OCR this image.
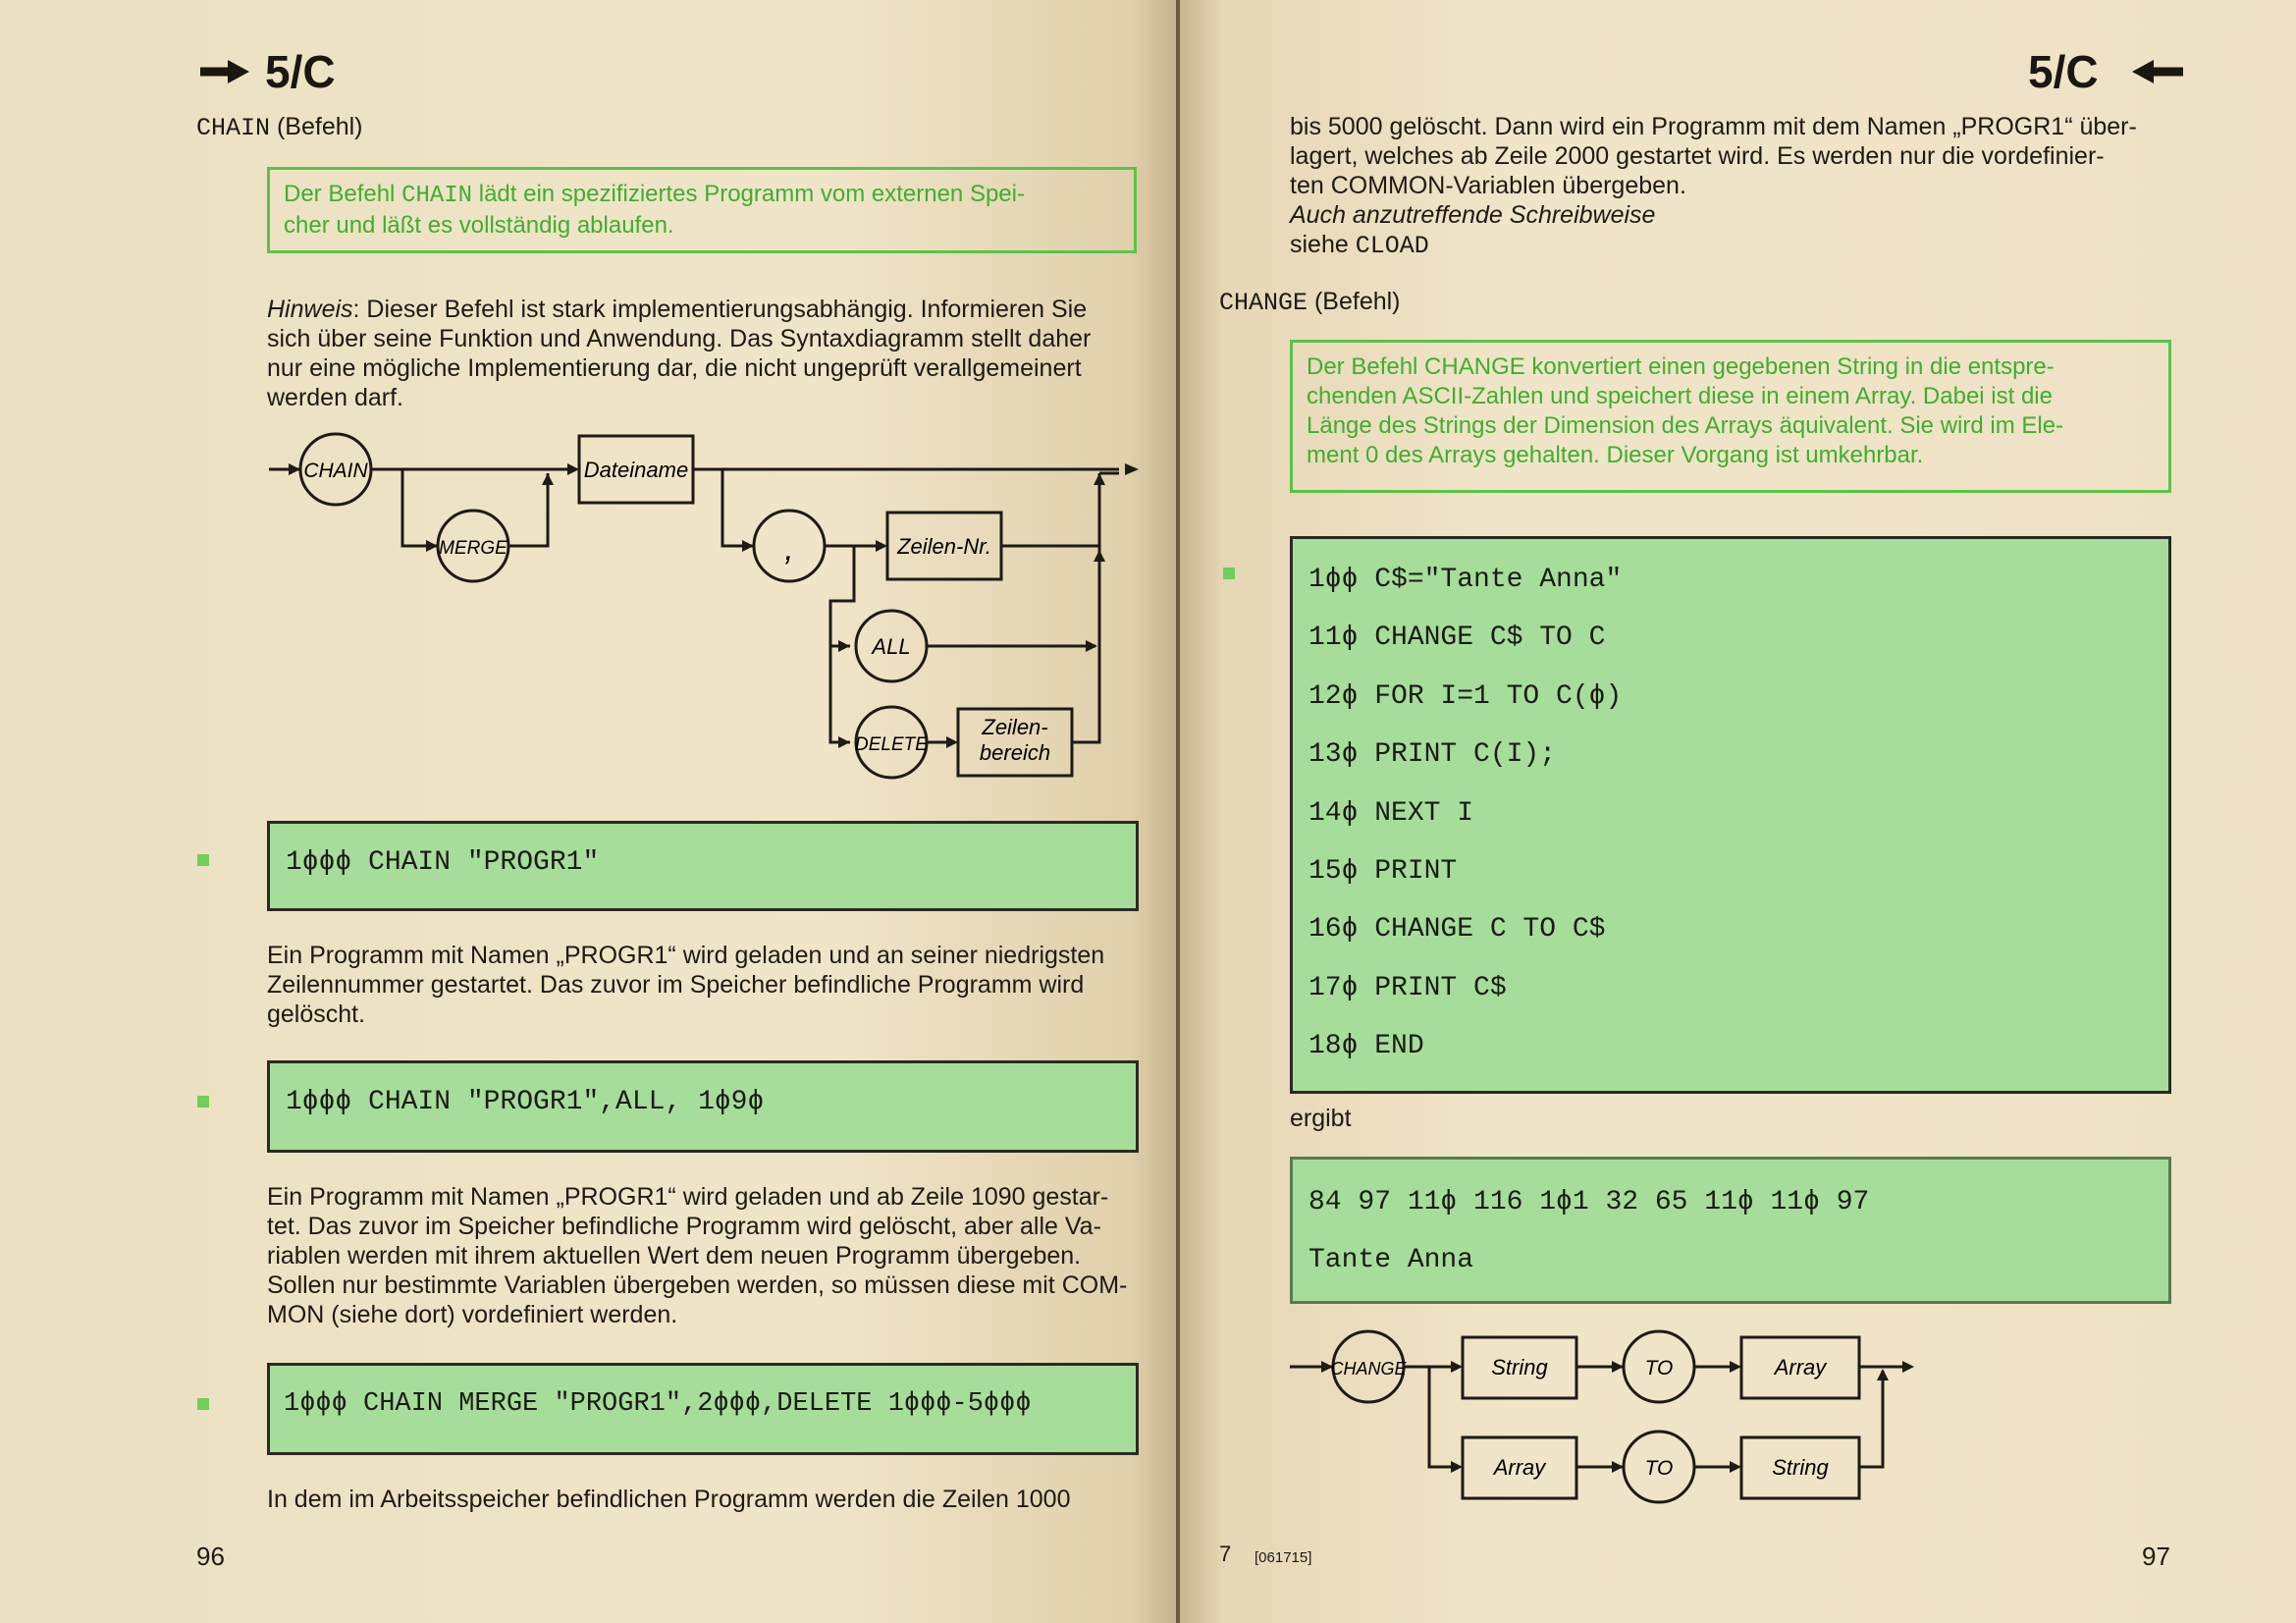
5/C
CHAIN (Befehl)
Der Befehl CHAIN lädt ein spezifiziertes Programm vom externen Spei-
cher und läßt es vollständig ablaufen.
Hinweis: Dieser Befehl ist stark implementierungsabhängig. Informieren Sie
sich über seine Funktion und Anwendung. Das Syntaxdiagramm stellt daher
nur eine mögliche Implementierung dar, die nicht ungeprüft verallgemeinert
werden darf.
CHAIN
MERGE
Dateiname
,	Zeilen-Nr.
ALL
DELETE
Zeilen-
bereich
1ϕϕϕ CHAIN "PROGR1"
Ein Programm mit Namen „PROGR1“ wird geladen und an seiner niedrigsten
Zeilennummer gestartet. Das zuvor im Speicher befindliche Programm wird
gelöscht.
1ϕϕϕ CHAIN "PROGR1",ALL, 1ϕ9ϕ
Ein Programm mit Namen „PROGR1“ wird geladen und ab Zeile 1090 gestar-
tet. Das zuvor im Speicher befindliche Programm wird gelöscht, aber alle Va-
riablen werden mit ihrem aktuellen Wert dem neuen Programm übergeben.
Sollen nur bestimmte Variablen übergeben werden, so müssen diese mit COM-
MON (siehe dort) vordefiniert werden.
1ϕϕϕ CHAIN MERGE "PROGR1",2ϕϕϕ,DELETE 1ϕϕϕ-5ϕϕϕ
In dem im Arbeitsspeicher befindlichen Programm werden die Zeilen 1000
96
5/C
bis 5000 gelöscht. Dann wird ein Programm mit dem Namen „PROGR1“ über-
lagert, welches ab Zeile 2000 gestartet wird. Es werden nur die vordefinier-
ten COMMON-Variablen übergeben.
Auch anzutreffende Schreibweise
siehe CLOAD
CHANGE (Befehl)
Der Befehl CHANGE konvertiert einen gegebenen String in die entspre-
chenden ASCII-Zahlen und speichert diese in einem Array. Dabei ist die
Länge des Strings der Dimension des Arrays äquivalent. Sie wird im Ele-
ment 0 des Arrays gehalten. Dieser Vorgang ist umkehrbar.
1ϕϕ C$="Tante Anna"
11ϕ CHANGE C$ TO C
12ϕ FOR I=1 TO C(ϕ)
13ϕ PRINT C(I);
14ϕ NEXT I
15ϕ PRINT
16ϕ CHANGE C TO C$
17ϕ PRINT C$
18ϕ END
ergibt
84 97 11ϕ 116 1ϕ1 32 65 11ϕ 11ϕ 97
Tante Anna
CHANGE	String	TO	Array
Array	TO	String
7 [061715]	97
